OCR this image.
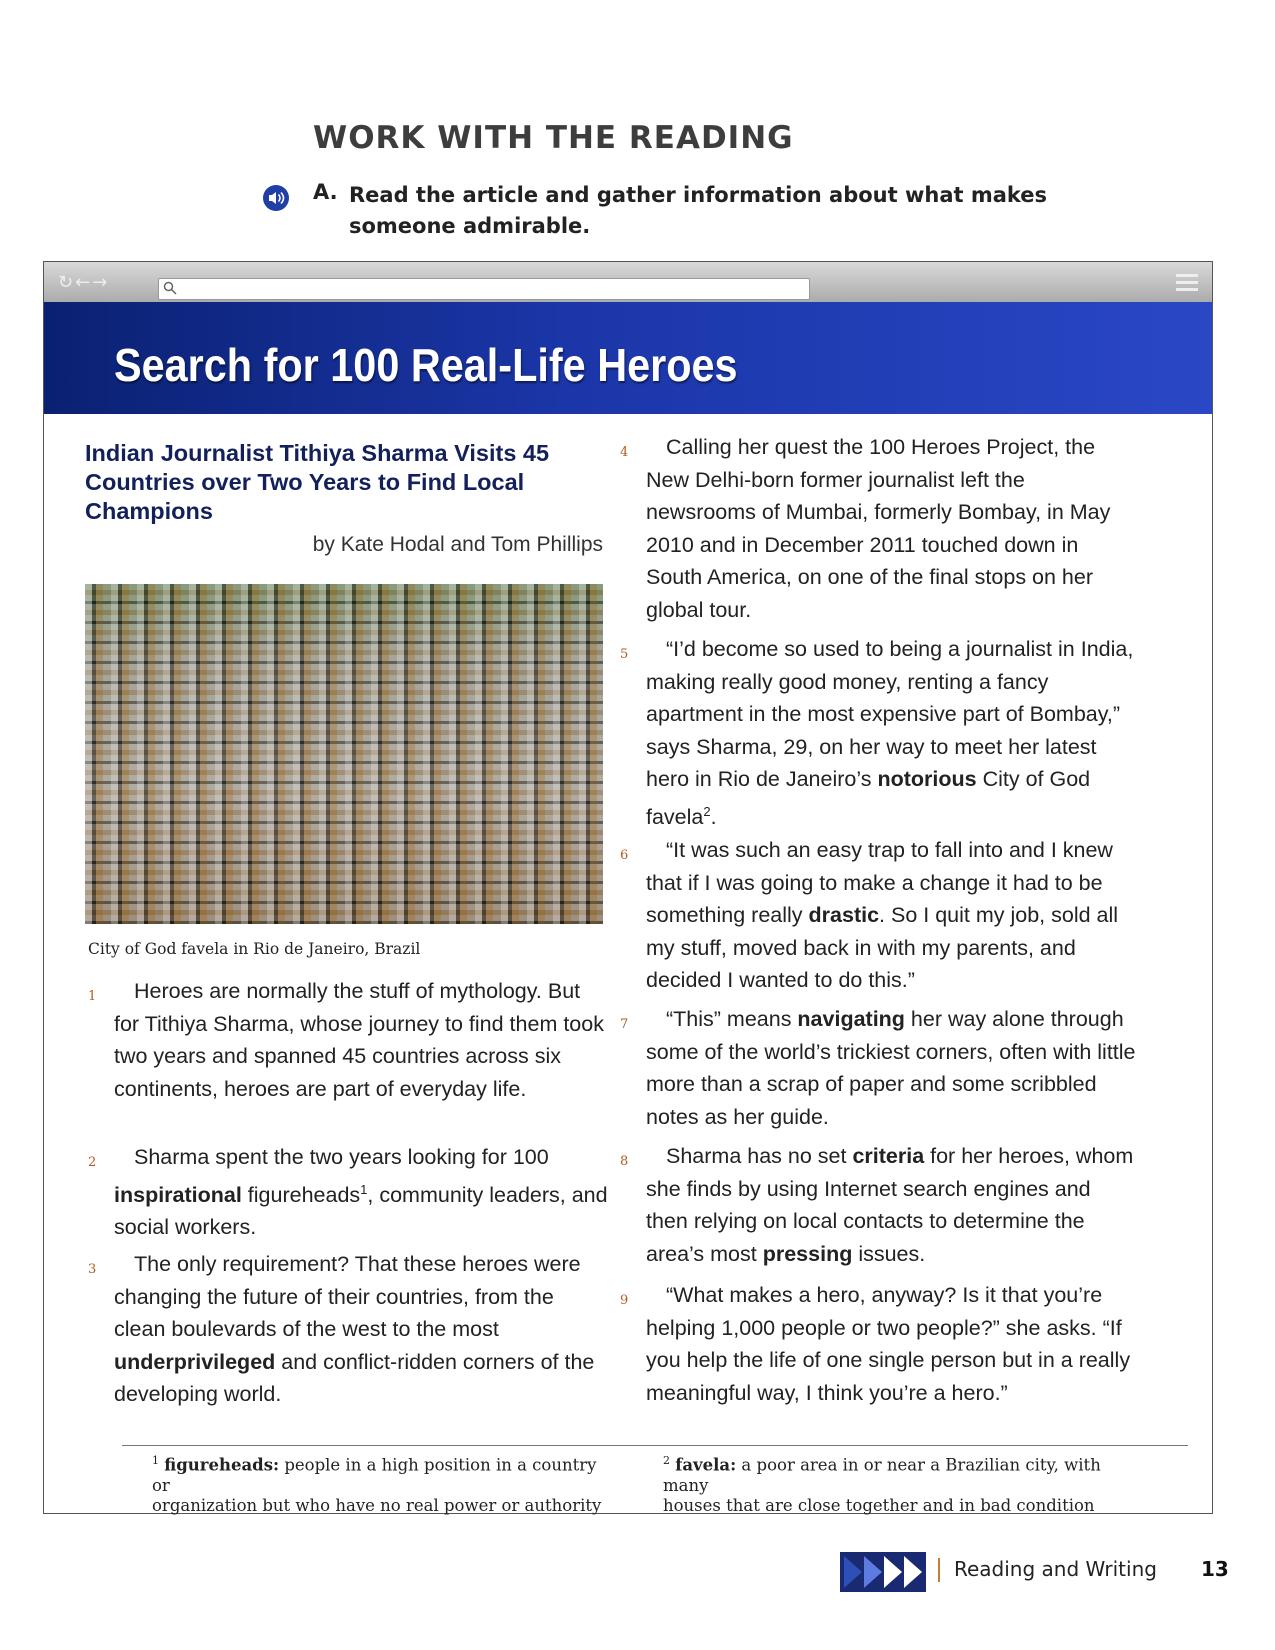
WORK WITH THE READING
A. Read the article and gather information about what makes someone admirable.
↻←→
Search for 100 Real-Life Heroes
Indian Journalist Tithiya Sharma Visits 45 Countries over Two Years to Find Local Champions
by Kate Hodal and Tom Phillips
City of God favela in Rio de Janeiro, Brazil
1	Heroes are normally the stuff of mythology. But for Tithiya Sharma, whose journey to find them took two years and spanned 45 countries across six continents, heroes are part of everyday life.

2	Sharma spent the two years looking for 100 inspirational figureheads$^1$, community leaders, and social workers.

3	The only requirement? That these heroes were changing the future of their countries, from the clean boulevards of the west to the most underprivileged and conflict-ridden corners of the developing world.

4	Calling her quest the 100 Heroes Project, the New Delhi-born former journalist left the newsrooms of Mumbai, formerly Bombay, in May 2010 and in December 2011 touched down in South America, on one of the final stops on her global tour.

5	“I’d become so used to being a journalist in India, making really good money, renting a fancy apartment in the most expensive part of Bombay,” says Sharma, 29, on her way to meet her latest hero in Rio de Janeiro’s notorious City of God favela$^2$.

6	“It was such an easy trap to fall into and I knew that if I was going to make a change it had to be something really drastic. So I quit my job, sold all my stuff, moved back in with my parents, and decided I wanted to do this.”

7	“This” means navigating her way alone through some of the world’s trickiest corners, often with little more than a scrap of paper and some scribbled notes as her guide.

8	Sharma has no set criteria for her heroes, whom she finds by using Internet search engines and then relying on local contacts to determine the area’s most pressing issues.

9	“What makes a hero, anyway? Is it that you’re helping 1,000 people or two people?” she asks. “If you help the life of one single person but in a really meaningful way, I think you’re a hero.”

$^1$ figureheads: people in a high position in a country or
organization but who have no real power or authority
$^2$ favela: a poor area in or near a Brazilian city, with many
houses that are close together and in bad condition
Reading and Writing 13
